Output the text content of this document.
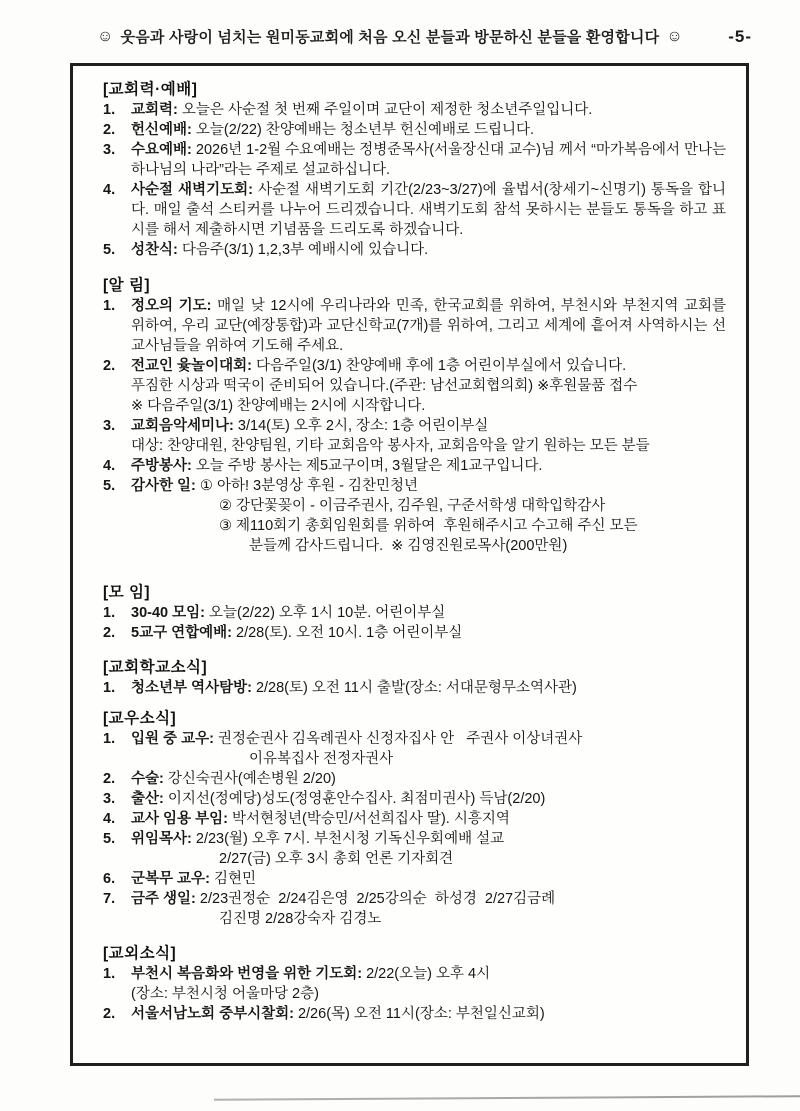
☺ 웃음과 사랑이 넘치는 원미동교회에 처음 오신 분들과 방문하신 분들을 환영합니다 ☺	-5-
[교회력·예배]
1. 교회력: 오늘은 사순절 첫 번째 주일이며 교단이 제정한 청소년주일입니다.
2. 헌신예배: 오늘(2/22) 찬양예배는 청소년부 헌신예배로 드립니다.
3. 수요예배: 2026년 1-2월 수요예배는 정병준목사(서울장신대 교수)님 께서 “마가복음에서 만나는 하나님의 나라”라는 주제로 설교하십니다.
4. 사순절 새벽기도회: 사순절 새벽기도회 기간(2/23~3/27)에 율법서(창세기~신명기) 통독을 합니다. 매일 출석 스티커를 나누어 드리겠습니다. 새벽기도회 참석 못하시는 분들도 통독을 하고 표시를 해서 제출하시면 기념품을 드리도록 하겠습니다.
5. 성찬식: 다음주(3/1) 1,2,3부 예배시에 있습니다.
[알 림]
1. 정오의 기도: 매일 낮 12시에 우리나라와 민족, 한국교회를 위하여, 부천시와 부천지역 교회를 위하여, 우리 교단(예장통합)과 교단신학교(7개)를 위하여, 그리고 세계에 흩어져 사역하시는 선교사님들을 위하여 기도해 주세요.
2. 전교인 윷놀이대회: 다음주일(3/1) 찬양예배 후에 1층 어린이부실에서 있습니다.
푸짐한 시상과 떡국이 준비되어 있습니다.(주관: 남선교회협의회) ※후원물품 접수
※ 다음주일(3/1) 찬양예배는 2시에 시작합니다.
3. 교회음악세미나: 3/14(토) 오후 2시, 장소: 1층 어린이부실
대상: 찬양대원, 찬양팀원, 기타 교회음악 봉사자, 교회음악을 알기 원하는 모든 분들
4. 주방봉사: 오늘 주방 봉사는 제5교구이며, 3월달은 제1교구입니다.
5. 감사한 일: ① 아하! 3분영상 후원 - 김찬민청년
② 강단꽃꽂이 - 이금주권사, 김주원, 구준서학생 대학입학감사
③ 제110회기 총회임원회를 위하여  후원해주시고 수고해 주신 모든
분들께 감사드립니다.  ※ 김영진원로목사(200만원)
[모 임]
1. 30-40 모임: 오늘(2/22) 오후 1시 10분. 어린이부실
2. 5교구 연합예배: 2/28(토). 오전 10시. 1층 어린이부실
[교회학교소식]
1. 청소년부 역사탐방: 2/28(토) 오전 11시 출발(장소: 서대문형무소역사관)
[교우소식]
1. 입원 중 교우: 권정순권사 김옥례권사 신정자집사 안   주권사 이상녀권사
이유복집사 전정자권사
2. 수술: 강신숙권사(예손병원 2/20)
3. 출산: 이지선(정예당)성도(정영훈안수집사. 최점미권사) 득남(2/20)
4. 교사 임용 부임: 박서현청년(박승민/서선희집사 딸). 시흥지역
5. 위임목사: 2/23(월) 오후 7시. 부천시청 기독신우회예배 설교
2/27(금) 오후 3시 총회 언론 기자회견
6. 군복무 교우: 김현민
7. 금주 생일: 2/23권정순  2/24김은영  2/25강의순  하성경  2/27김금례
김진명 2/28강숙자 김경노
[교외소식]
1. 부천시 복음화와 번영을 위한 기도회: 2/22(오늘) 오후 4시
(장소: 부천시청 어울마당 2층)
2. 서울서남노회 중부시찰회: 2/26(목) 오전 11시(장소: 부천일신교회)
